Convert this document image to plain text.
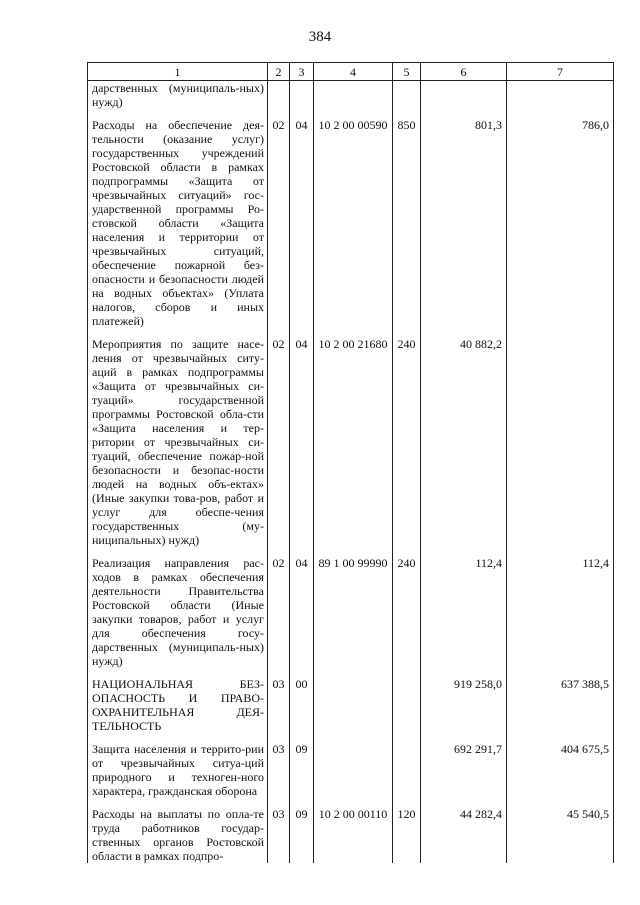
384
1	2	3	4	5	6	7
дарственных (муниципаль-ных) нужд)						
Расходы на обеспечение дея-тельности (оказание услуг) государственных учреждений Ростовской области в рамках подпрограммы «Защита от чрезвычайных ситуаций» гос-ударственной программы Ро-стовской области «Защита населения и территории от чрезвычайных ситуаций, обеспечение пожарной без-опасности и безопасности людей на водных объектах» (Уплата налогов, сборов и иных платежей)	02	04	10 2 00 00590	850	801,3	786,0
Мероприятия по защите насе-ления от чрезвычайных ситу-аций в рамках подпрограммы «Защита от чрезвычайных си-туаций» государственной программы Ростовской обла-сти «Защита населения и тер-ритории от чрезвычайных си-туаций, обеспечение пожар-ной безопасности и безопас-ности людей на водных объ-ектах» (Иные закупки това-ров, работ и услуг для обеспе-чения государственных (му-ниципальных) нужд)	02	04	10 2 00 21680	240	40 882,2	
Реализация направления рас-ходов в рамках обеспечения деятельности Правительства Ростовской области (Иные закупки товаров, работ и услуг для обеспечения госу-дарственных (муниципаль-ных) нужд)	02	04	89 1 00 99990	240	112,4	112,4
НАЦИОНАЛЬНАЯ БЕЗ-ОПАСНОСТЬ И ПРАВО-ОХРАНИТЕЛЬНАЯ ДЕЯ-ТЕЛЬНОСТЬ	03	00			919 258,0	637 388,5
Защита населения и террито-рии от чрезвычайных ситуа-ций природного и техноген-ного характера, гражданская оборона	03	09			692 291,7	404 675,5
Расходы на выплаты по опла-те труда работников государ-ственных органов Ростовской области в рамках подпро-	03	09	10 2 00 00110	120	44 282,4	45 540,5
